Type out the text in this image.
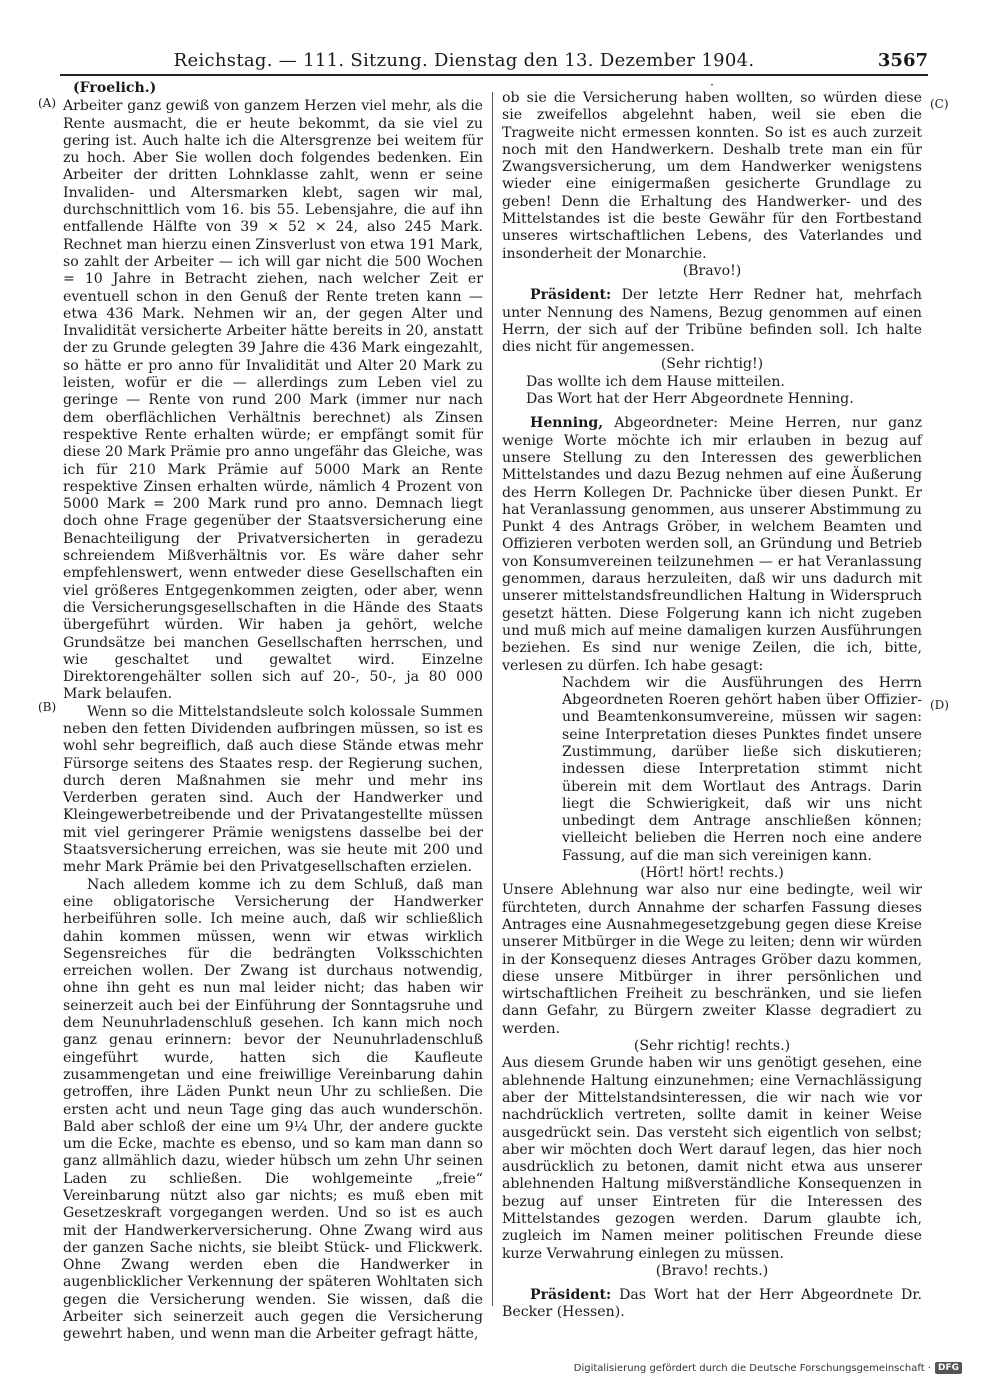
Reichstag. — 111. Sitzung. Dienstag den 13. Dezember 1904.	3567
(A)
(B)
(C)
(D)

(Froelich.)

Arbeiter ganz gewiß von ganzem Herzen viel mehr, als die Rente ausmacht, die er heute bekommt, da sie viel zu gering ist. Auch halte ich die Altersgrenze bei weitem für zu hoch. Aber Sie wollen doch folgendes bedenken. Ein Arbeiter der dritten Lohnklasse zahlt, wenn er seine Invaliden- und Altersmarken klebt, sagen wir mal, durchschnittlich vom 16. bis 55. Lebensjahre, die auf ihn entfallende Hälfte von 39 × 52 × 24, also 245 Mark. Rechnet man hierzu einen Zinsverlust von etwa 191 Mark, so zahlt der Arbeiter — ich will gar nicht die 500 Wochen = 10 Jahre in Betracht ziehen, nach welcher Zeit er eventuell schon in den Genuß der Rente treten kann — etwa 436 Mark. Nehmen wir an, der gegen Alter und Invalidität versicherte Arbeiter hätte bereits in 20, anstatt der zu Grunde gelegten 39 Jahre die 436 Mark eingezahlt, so hätte er pro anno für Invalidität und Alter 20 Mark zu leisten, wofür er die — allerdings zum Leben viel zu geringe — Rente von rund 200 Mark (immer nur nach dem oberflächlichen Verhältnis berechnet) als Zinsen respektive Rente erhalten würde; er empfängt somit für diese 20 Mark Prämie pro anno ungefähr das Gleiche, was ich für 210 Mark Prämie auf 5000 Mark an Rente respektive Zinsen erhalten würde, nämlich 4 Prozent von 5000 Mark = 200 Mark rund pro anno. Demnach liegt doch ohne Frage gegenüber der Staatsversicherung eine Benachteiligung der Privatversicherten in geradezu schreiendem Mißverhältnis vor. Es wäre daher sehr empfehlenswert, wenn entweder diese Gesellschaften ein viel größeres Entgegenkommen zeigten, oder aber, wenn die Versicherungsgesellschaften in die Hände des Staats übergeführt würden. Wir haben ja gehört, welche Grundsätze bei manchen Gesellschaften herrschen, und wie geschaltet und gewaltet wird. Einzelne Direktorengehälter sollen sich auf 20-, 50-, ja 80 000 Mark belaufen.

Wenn so die Mittelstandsleute solch kolossale Summen neben den fetten Dividenden aufbringen müssen, so ist es wohl sehr begreiflich, daß auch diese Stände etwas mehr Fürsorge seitens des Staates resp. der Regierung suchen, durch deren Maßnahmen sie mehr und mehr ins Verderben geraten sind. Auch der Handwerker und Kleingewerbetreibende und der Privatangestellte müssen mit viel geringerer Prämie wenigstens dasselbe bei der Staatsversicherung erreichen, was sie heute mit 200 und mehr Mark Prämie bei den Privatgesellschaften erzielen.

Nach alledem komme ich zu dem Schluß, daß man eine obligatorische Versicherung der Handwerker herbeiführen solle. Ich meine auch, daß wir schließlich dahin kommen müssen, wenn wir etwas wirklich Segensreiches für die bedrängten Volksschichten erreichen wollen. Der Zwang ist durchaus notwendig, ohne ihn geht es nun mal leider nicht; das haben wir seinerzeit auch bei der Einführung der Sonntagsruhe und dem Neunuhrladenschluß gesehen. Ich kann mich noch ganz genau erinnern: bevor der Neunuhrladenschluß eingeführt wurde, hatten sich die Kaufleute zusammengetan und eine freiwillige Vereinbarung dahin getroffen, ihre Läden Punkt neun Uhr zu schließen. Die ersten acht und neun Tage ging das auch wunderschön. Bald aber schloß der eine um 9¼ Uhr, der andere guckte um die Ecke, machte es ebenso, und so kam man dann so ganz allmählich dazu, wieder hübsch um zehn Uhr seinen Laden zu schließen. Die wohlgemeinte „freie“ Vereinbarung nützt also gar nichts; es muß eben mit Gesetzeskraft vorgegangen werden. Und so ist es auch mit der Handwerkerversicherung. Ohne Zwang wird aus der ganzen Sache nichts, sie bleibt Stück- und Flickwerk. Ohne Zwang werden eben die Handwerker in augenblicklicher Verkennung der späteren Wohltaten sich gegen die Versicherung wenden. Sie wissen, daß die Arbeiter sich seinerzeit auch gegen die Versicherung gewehrt haben, und wenn man die Arbeiter gefragt hätte,

·

ob sie die Versicherung haben wollten, so würden diese sie zweifellos abgelehnt haben, weil sie eben die Tragweite nicht ermessen konnten. So ist es auch zurzeit noch mit den Handwerkern. Deshalb trete man ein für Zwangsversicherung, um dem Handwerker wenigstens wieder eine einigermaßen gesicherte Grundlage zu geben! Denn die Erhaltung des Handwerker- und des Mittelstandes ist die beste Gewähr für den Fortbestand unseres wirtschaftlichen Lebens, des Vaterlandes und insonderheit der Monarchie.

(Bravo!)

Präsident: Der letzte Herr Redner hat, mehrfach unter Nennung des Namens, Bezug genommen auf einen Herrn, der sich auf der Tribüne befinden soll. Ich halte dies nicht für angemessen.

(Sehr richtig!)

Das wollte ich dem Hause mitteilen.

Das Wort hat der Herr Abgeordnete Henning.

Henning, Abgeordneter: Meine Herren, nur ganz wenige Worte möchte ich mir erlauben in bezug auf unsere Stellung zu den Interessen des gewerblichen Mittelstandes und dazu Bezug nehmen auf eine Äußerung des Herrn Kollegen Dr. Pachnicke über diesen Punkt. Er hat Veranlassung genommen, aus unserer Abstimmung zu Punkt 4 des Antrags Gröber, in welchem Beamten und Offizieren verboten werden soll, an Gründung und Betrieb von Konsumvereinen teilzunehmen — er hat Veranlassung genommen, daraus herzuleiten, daß wir uns dadurch mit unserer mittelstandsfreundlichen Haltung in Widerspruch gesetzt hätten. Diese Folgerung kann ich nicht zugeben und muß mich auf meine damaligen kurzen Ausführungen beziehen. Es sind nur wenige Zeilen, die ich, bitte, verlesen zu dürfen. Ich habe gesagt:

Nachdem wir die Ausführungen des Herrn Abgeordneten Roeren gehört haben über Offizier- und Beamtenkonsumvereine, müssen wir sagen: seine Interpretation dieses Punktes findet unsere Zustimmung, darüber ließe sich diskutieren; indessen diese Interpretation stimmt nicht überein mit dem Wortlaut des Antrags. Darin liegt die Schwierigkeit, daß wir uns nicht unbedingt dem Antrage anschließen können; vielleicht belieben die Herren noch eine andere Fassung, auf die man sich vereinigen kann.

(Hört! hört! rechts.)

Unsere Ablehnung war also nur eine bedingte, weil wir fürchteten, durch Annahme der scharfen Fassung dieses Antrages eine Ausnahmegesetzgebung gegen diese Kreise unserer Mitbürger in die Wege zu leiten; denn wir würden in der Konsequenz dieses Antrages Gröber dazu kommen, diese unsere Mitbürger in ihrer persönlichen und wirtschaftlichen Freiheit zu beschränken, und sie liefen dann Gefahr, zu Bürgern zweiter Klasse degradiert zu werden.

(Sehr richtig! rechts.)

Aus diesem Grunde haben wir uns genötigt gesehen, eine ablehnende Haltung einzunehmen; eine Vernachlässigung aber der Mittelstandsinteressen, die wir nach wie vor nachdrücklich vertreten, sollte damit in keiner Weise ausgedrückt sein. Das versteht sich eigentlich von selbst; aber wir möchten doch Wert darauf legen, das hier noch ausdrücklich zu betonen, damit nicht etwa aus unserer ablehnenden Haltung mißverständliche Konsequenzen in bezug auf unser Eintreten für die Interessen des Mittelstandes gezogen werden. Darum glaubte ich, zugleich im Namen meiner politischen Freunde diese kurze Verwahrung einlegen zu müssen.

(Bravo! rechts.)

Präsident: Das Wort hat der Herr Abgeordnete Dr. Becker (Hessen).

Digitalisierung gefördert durch die Deutsche Forschungsgemeinschaft · DFG
